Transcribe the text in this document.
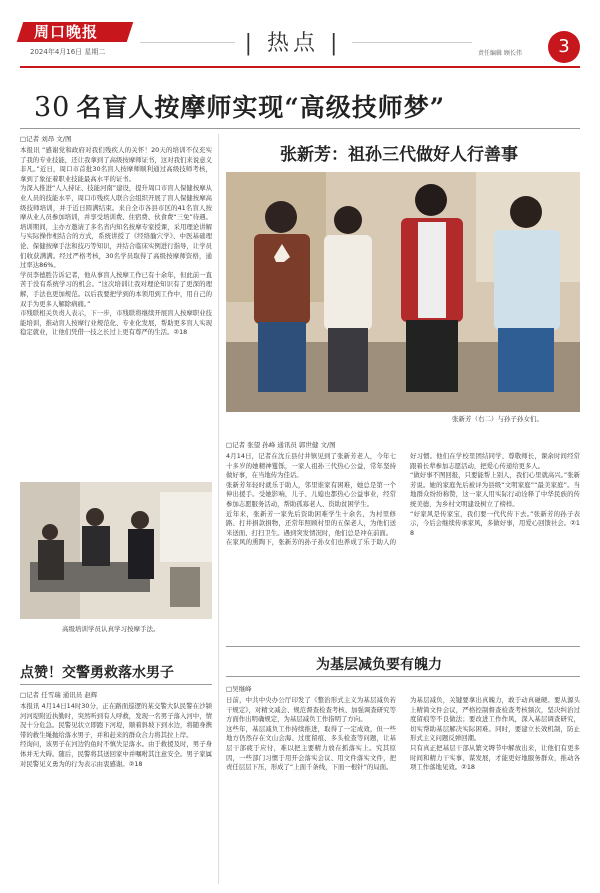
周口晚报
2024年4月16日 星期二	| 热点 |	责任编辑 顾长伟	3
30 名盲人按摩师实现“高级技师梦”
□记者 刘昂 文/图
本报讯 “感谢党和政府对我们残疾人的关怀！20天的培训不仅充实了我的专业技能，还让我拿到了高级按摩师证书，这对我们来说意义非凡。”近日，周口市首批30名盲人按摩师顺利通过高级技师考核，拿到了象征着职业技能最高水平的证书。
为深入推进“人人持证、技能河南”建设，提升周口市盲人保健按摩从业人员的技能水平，周口市残疾人联合会组织开展了盲人保健按摩高级技师培训，并于近日圆满结束。来自全市各县市区的41名盲人按摩从业人员参加培训，并享受培训费、住宿费、伙食费“三免”待遇。
培训期间，主办方邀请了多名省内知名按摩专家授课，采用理论讲解与实际操作相结合的方式，系统讲授了《经络腧穴学》、中医基础理论、保健按摩手法和技巧等知识，并结合临床实例进行指导，让学员们收获满满。经过严格考核，30名学员取得了高级按摩师资格，通过率达86%。
学员李德胜告诉记者，他从事盲人按摩工作已有十余年，但此前一直苦于没有系统学习的机会。“这次培训让我对理论知识有了更深的理解，手法也更加规范。以后我要把学到的本领用到工作中，用自己的双手为更多人解除病痛。”
市残联相关负责人表示，下一步，市残联将继续开展盲人按摩职业技能培训，推动盲人按摩行业规范化、专业化发展，帮助更多盲人实现稳定就业，让他们凭借一技之长过上更有尊严的生活。②18
高级培训学员认真学习按摩手法。
点赞！交警勇救落水男子
□记者 任雪瑞 通讯员 赵辉
本报讯 4月14日14时30分，正在路面巡逻的某交警大队民警在沙颍河河堤附近执勤时，突然听到有人呼救，发现一名男子落入河中，情况十分危急。民警见状立即跑下河堤，顺着斜坡下到水边，将随身携带的救生绳抛给落水男子，并和赶来的群众合力将其拉上岸。
经询问，该男子在河边钓鱼时不慎失足落水。由于救援及时，男子身体并无大碍。随后，民警将其送回家中并嘱咐其注意安全。男子家属对民警见义勇为的行为表示由衷感谢。②18
张新芳：祖孙三代做好人行善事
张新芳（右二）与孙子孙女们。
□记者 张望 孙峰 通讯员 郭世健 文/图
4月14日，记者在沈丘县付井镇见到了张新芳老人，今年七十多岁的她精神矍铄，一家人祖孙三代热心公益，常年坚持做好事，在当地传为佳话。
张新芳年轻时就乐于助人，邻里谁家有困难，她总是第一个伸出援手。受她影响，儿子、儿媳也都热心公益事业，经常参加志愿服务活动，帮助孤寡老人、资助贫困学生。
近年来，张新芳一家先后资助困难学生十余名，为村里修路、打井捐款捐物，还常年照顾村里的五保老人，为他们送米送面、打扫卫生。遇到突发情况时，他们总是冲在前面。
在家风的熏陶下，张新芳的孙子孙女们也养成了乐于助人的好习惯。他们在学校里团结同学、尊敬师长，课余时间经常跟着长辈参加志愿活动，把爱心传递给更多人。
“做好事不图回报，只要能帮上别人，我们心里就高兴。”张新芳说。她的家庭先后被评为县级“文明家庭”“最美家庭”。当地群众纷纷称赞，这一家人用实际行动诠释了中华民族的传统美德，为乡村文明建设树立了榜样。
“好家风是传家宝，我们要一代代传下去。”张新芳的孙子表示，今后会继续传承家风，多做好事，用爱心回馈社会。②18
为基层减负要有魄力
□吴继峰
日前，中共中央办公厅印发了《整治形式主义为基层减负若干规定》，对精文减会、规范督查检查考核、加强调查研究等方面作出明确规定，为基层减负工作指明了方向。
这些年，基层减负工作持续推进，取得了一定成效，但一些地方仍然存在文山会海、过度留痕、多头检查等问题，让基层干部疲于应付，难以把主要精力放在抓落实上。究其原因，一些部门习惯于用开会落实会议、用文件落实文件，把责任层层下压，形成了“上面千条线，下面一根针”的局面。
为基层减负，关键要拿出真魄力，敢于动真碰硬。要从源头上精简文件会议，严格控制督查检查考核频次，坚决纠治过度留痕等不良做法；要改进工作作风，深入基层调查研究，切实帮助基层解决实际困难。同时，要建立长效机制，防止形式主义问题反弹回潮。
只有真正把基层干部从繁文缛节中解放出来，让他们有更多时间和精力干实事、谋发展，才能更好地服务群众，推动各项工作落地见效。②18
